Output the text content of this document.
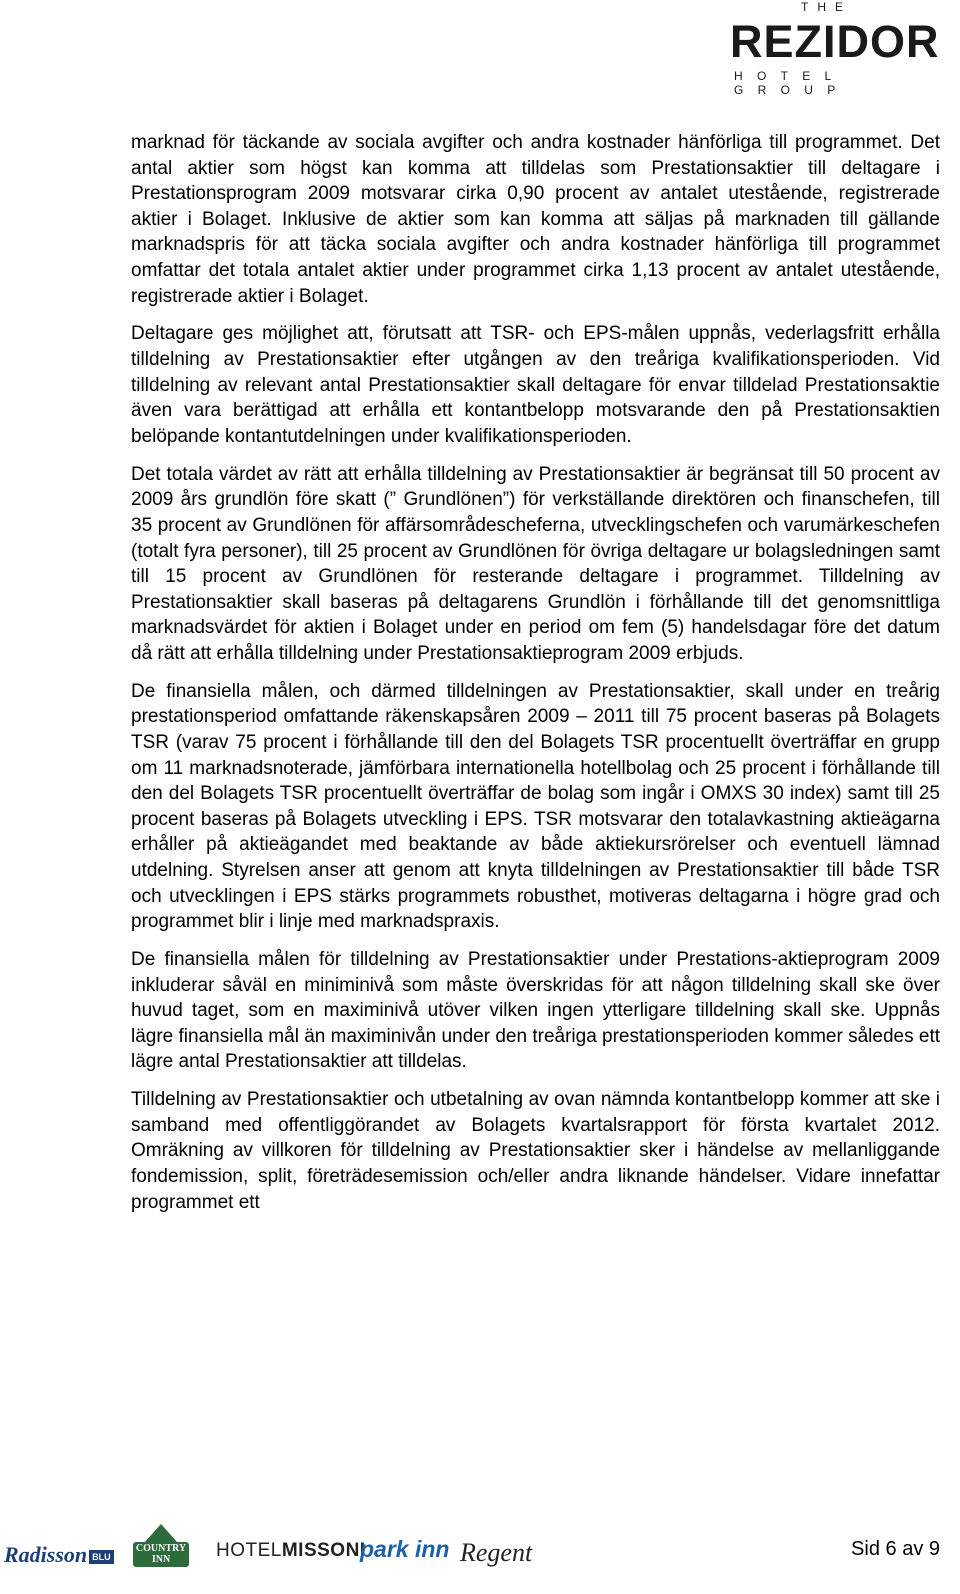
THE
REZIDOR
HOTEL GROUP

marknad för täckande av sociala avgifter och andra kostnader hänförliga till programmet. Det antal aktier som högst kan komma att tilldelas som Prestationsaktier till deltagare i Prestationsprogram 2009 motsvarar cirka 0,90 procent av antalet utestående, registrerade aktier i Bolaget. Inklusive de aktier som kan komma att säljas på marknaden till gällande marknadspris för att täcka sociala avgifter och andra kostnader hänförliga till programmet omfattar det totala antalet aktier under programmet cirka 1,13 procent av antalet utestående, registrerade aktier i Bolaget.

Deltagare ges möjlighet att, förutsatt att TSR- och EPS-målen uppnås, vederlagsfritt erhålla tilldelning av Prestationsaktier efter utgången av den treåriga kvalifikationsperioden. Vid tilldelning av relevant antal Prestationsaktier skall deltagare för envar tilldelad Prestationsaktie även vara berättigad att erhålla ett kontantbelopp motsvarande den på Prestationsaktien belöpande kontantutdelningen under kvalifikationsperioden.

Det totala värdet av rätt att erhålla tilldelning av Prestationsaktier är begränsat till 50 procent av 2009 års grundlön före skatt (” Grundlönen”) för verkställande direktören och finanschefen, till 35 procent av Grundlönen för affärsområdescheferna, utvecklingschefen och varumärkeschefen (totalt fyra personer), till 25 procent av Grundlönen för övriga deltagare ur bolagsledningen samt till 15 procent av Grundlönen för resterande deltagare i programmet. Tilldelning av Prestationsaktier skall baseras på deltagarens Grundlön i förhållande till det genomsnittliga marknadsvärdet för aktien i Bolaget under en period om fem (5) handelsdagar före det datum då rätt att erhålla tilldelning under Prestationsaktieprogram 2009 erbjuds.

De finansiella målen, och därmed tilldelningen av Prestationsaktier, skall under en treårig prestationsperiod omfattande räkenskapsåren 2009 – 2011 till 75 procent baseras på Bolagets TSR (varav 75 procent i förhållande till den del Bolagets TSR procentuellt överträffar en grupp om 11 marknadsnoterade, jämförbara internationella hotellbolag och 25 procent i förhållande till den del Bolagets TSR procentuellt överträffar de bolag som ingår i OMXS 30 index) samt till 25 procent baseras på Bolagets utveckling i EPS. TSR motsvarar den totalavkastning aktieägarna erhåller på aktieägandet med beaktande av både aktiekursrörelser och eventuell lämnad utdelning. Styrelsen anser att genom att knyta tilldelningen av Prestationsaktier till både TSR och utvecklingen i EPS stärks programmets robusthet, motiveras deltagarna i högre grad och programmet blir i linje med marknadspraxis.

De finansiella målen för tilldelning av Prestationsaktier under Prestations-aktieprogram 2009 inkluderar såväl en miniminivå som måste överskridas för att någon tilldelning skall ske över huvud taget, som en maximinivå utöver vilken ingen ytterligare tilldelning skall ske. Uppnås lägre finansiella mål än maximinivån under den treåriga prestationsperioden kommer således ett lägre antal Prestationsaktier att tilldelas.

Tilldelning av Prestationsaktier och utbetalning av ovan nämnda kontantbelopp kommer att ske i samband med offentliggörandet av Bolagets kvartalsrapport för första kvartalet 2012. Omräkning av villkoren för tilldelning av Prestationsaktier sker i händelse av mellanliggande fondemission, split, företrädesemission och/eller andra liknande händelser. Vidare innefattar programmet ett

Radisson BLU
COUNTRY INN	HOTELMISSONI
park inn Regent	Sid 6 av 9
